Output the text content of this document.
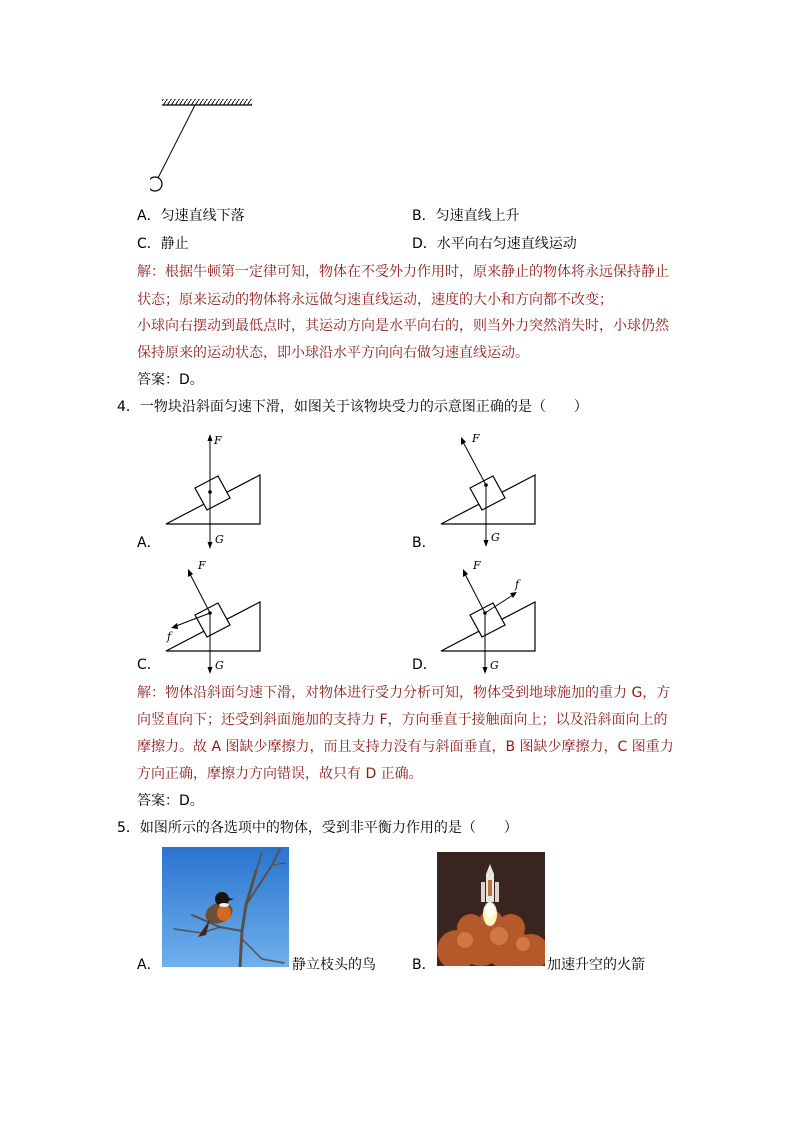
A．匀速直线下落	B．匀速直线上升
C．静止	D．水平向右匀速直线运动
解：根据牛顿第一定律可知，物体在不受外力作用时，原来静止的物体将永远保持静止
状态；原来运动的物体将永远做匀速直线运动，速度的大小和方向都不改变；
小球向右摆动到最低点时，其运动方向是水平向右的，则当外力突然消失时，小球仍然
保持原来的运动状态，即小球沿水平方向向右做匀速直线运动。
答案：D。
4．一物块沿斜面匀速下滑，如图关于该物块受力的示意图正确的是（　　）
F
G
A．
F
G
B．
F
G
f
C．
F
G
f
D．
解：物体沿斜面匀速下滑，对物体进行受力分析可知，物体受到地球施加的重力 G，方
向竖直向下；还受到斜面施加的支持力 F，方向垂直于接触面向上；以及沿斜面向上的
摩擦力。故 A 图缺少摩擦力，而且支持力没有与斜面垂直，B 图缺少摩擦力，C 图重力
方向正确，摩擦力方向错误，故只有 D 正确。
答案：D。
5．如图所示的各选项中的物体，受到非平衡力作用的是（　　）
A．	静立枝头的鸟	B．	加速升空的火箭
